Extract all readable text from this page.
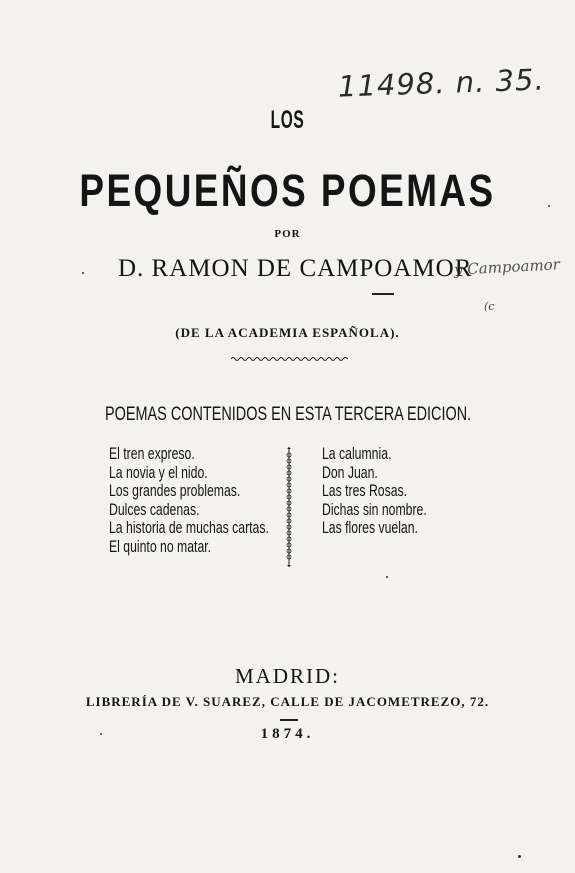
11498. n. 35.
LOS
PEQUEÑOS POEMAS
POR
D. RAMON DE CAMPOAMOR
y Campoamor
(c
(DE LA ACADEMIA ESPAÑOLA).
POEMAS CONTENIDOS EN ESTA TERCERA EDICION.
El tren expreso.
La novia y el nido.
Los grandes problemas.
Dulces cadenas.
La historia de muchas cartas.
El quinto no matar.
La calumnia.
Don Juan.
Las tres Rosas.
Dichas sin nombre.
Las flores vuelan.
MADRID:
LIBRERÍA DE V. SUAREZ, CALLE DE JACOMETREZO, 72.
1874.
